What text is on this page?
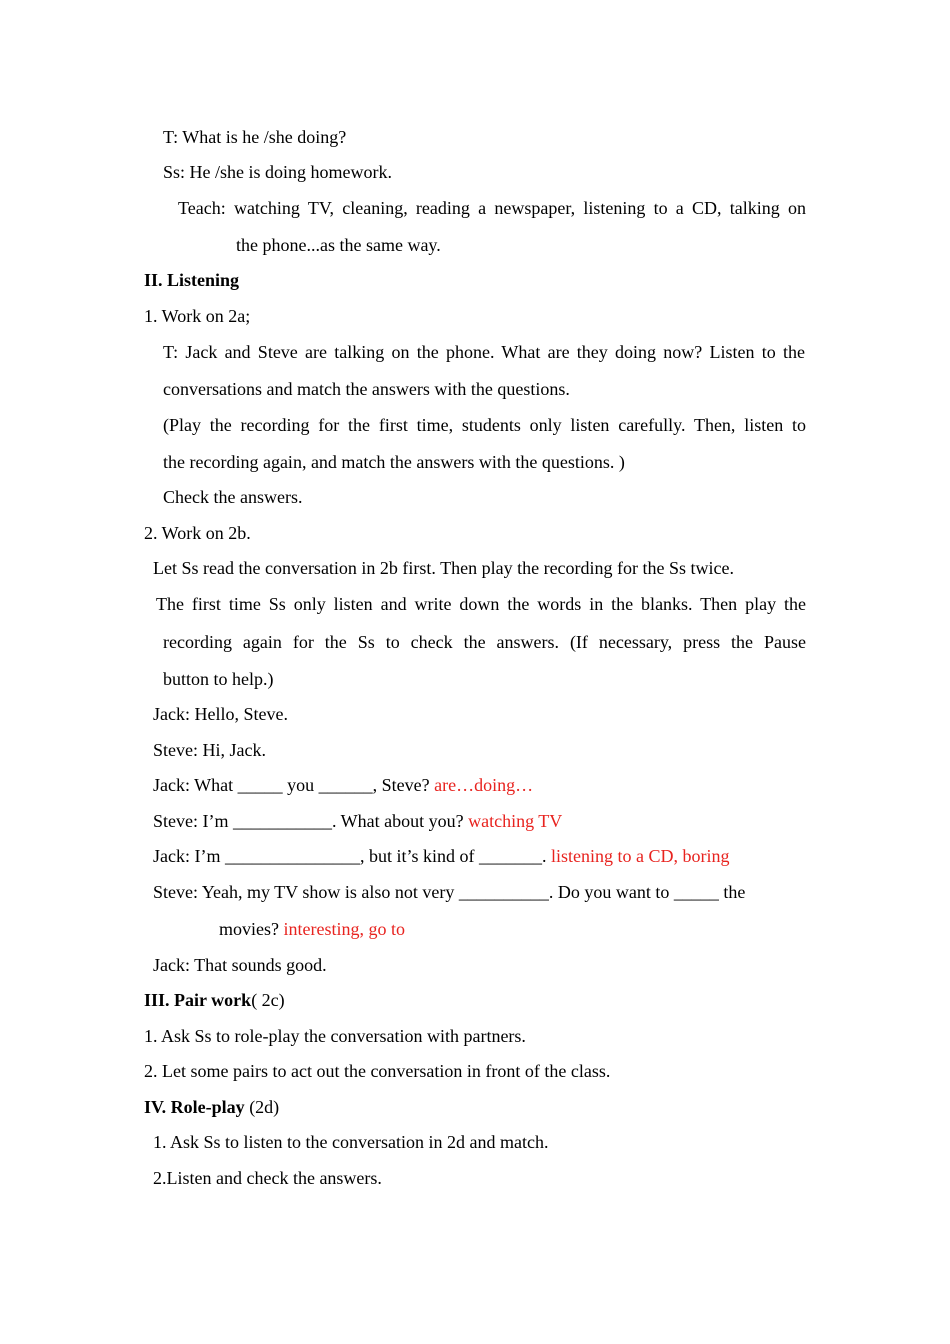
T: What is he /she doing?
Ss: He /she is doing homework.
Teach: watching TV, cleaning, reading a newspaper, listening to a CD, talking on
the phone...as the same way.
II. Listening
1. Work on 2a;
T: Jack and Steve are talking on the phone. What are they doing now? Listen to the
conversations and match the answers with the questions.
(Play the recording for the first time, students only listen carefully. Then, listen to
the recording again, and match the answers with the questions. )
Check the answers.
2. Work on 2b.
Let Ss read the conversation in 2b first. Then play the recording for the Ss twice.
The first time Ss only listen and write down the words in the blanks. Then play the
recording again for the Ss to check the answers. (If necessary, press the Pause
button to help.)
Jack: Hello, Steve.
Steve: Hi, Jack.
Jack: What _____ you ______, Steve? are…doing…
Steve: I’m ___________. What about you? watching TV
Jack: I’m _______________, but it’s kind of _______. listening to a CD, boring
Steve: Yeah, my TV show is also not very __________. Do you want to _____ the
movies? interesting, go to
Jack: That sounds good.
III. Pair work( 2c)
1. Ask Ss to role-play the conversation with partners.
2. Let some pairs to act out the conversation in front of the class.
IV. Role-play (2d)
1. Ask Ss to listen to the conversation in 2d and match.
2.Listen and check the answers.
